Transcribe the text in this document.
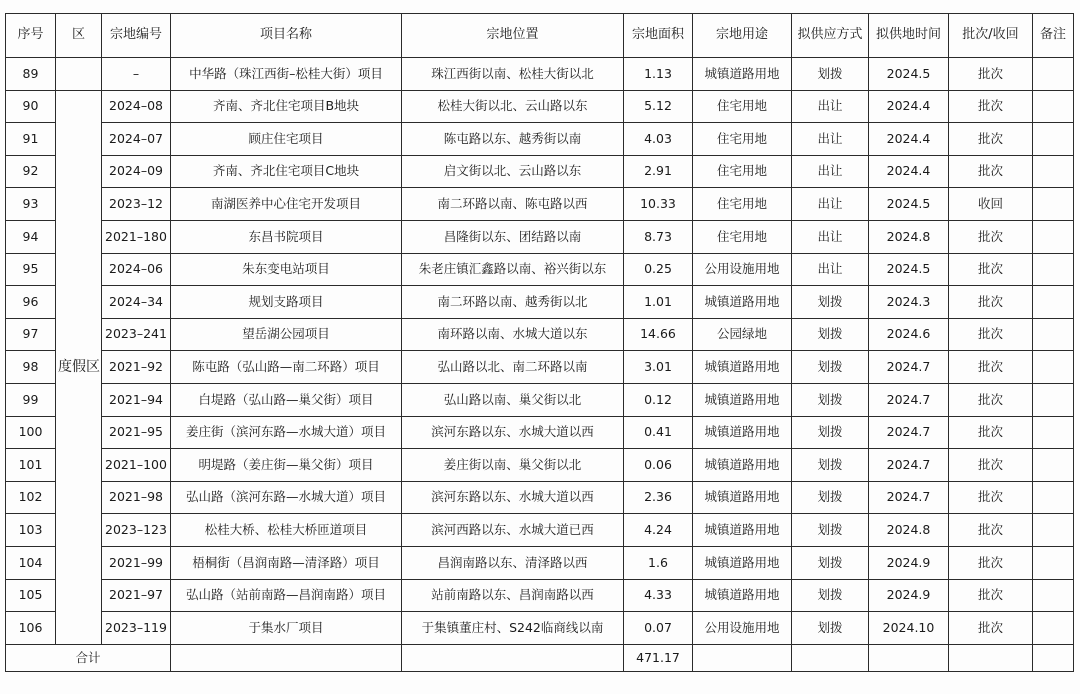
序号	区	宗地编号	项目名称	宗地位置	宗地面积	宗地用途	拟供应方式	拟供地时间	批次/收回	备注
89		–	中华路（珠江西街–松桂大街）项目	珠江西街以南、松桂大街以北	1.13	城镇道路用地	划拨	2024.5	批次	
90	度假区	2024–08	齐南、齐北住宅项目B地块	松桂大街以北、云山路以东	5.12	住宅用地	出让	2024.4	批次	
91		2024–07	顾庄住宅项目	陈屯路以东、越秀街以南	4.03	住宅用地	出让	2024.4	批次	
92		2024–09	齐南、齐北住宅项目C地块	启文街以北、云山路以东	2.91	住宅用地	出让	2024.4	批次	
93		2023–12	南湖医养中心住宅开发项目	南二环路以南、陈屯路以西	10.33	住宅用地	出让	2024.5	收回	
94		2021–180	东昌书院项目	昌隆街以东、团结路以南	8.73	住宅用地	出让	2024.8	批次	
95		2024–06	朱东变电站项目	朱老庄镇汇鑫路以南、裕兴街以东	0.25	公用设施用地	出让	2024.5	批次	
96		2024–34	规划支路项目	南二环路以南、越秀街以北	1.01	城镇道路用地	划拨	2024.3	批次	
97		2023–241	望岳湖公园项目	南环路以南、水城大道以东	14.66	公园绿地	划拨	2024.6	批次	
98		2021–92	陈屯路（弘山路—南二环路）项目	弘山路以北、南二环路以南	3.01	城镇道路用地	划拨	2024.7	批次	
99		2021–94	白堤路（弘山路—巢父街）项目	弘山路以南、巢父街以北	0.12	城镇道路用地	划拨	2024.7	批次	
100		2021–95	姜庄街（滨河东路—水城大道）项目	滨河东路以东、水城大道以西	0.41	城镇道路用地	划拨	2024.7	批次	
101		2021–100	明堤路（姜庄街—巢父街）项目	姜庄街以南、巢父街以北	0.06	城镇道路用地	划拨	2024.7	批次	
102		2021–98	弘山路（滨河东路—水城大道）项目	滨河东路以东、水城大道以西	2.36	城镇道路用地	划拨	2024.7	批次	
103		2023–123	松桂大桥、松桂大桥匝道项目	滨河西路以东、水城大道已西	4.24	城镇道路用地	划拨	2024.8	批次	
104		2021–99	梧桐街（昌润南路—清泽路）项目	昌润南路以东、清泽路以西	1.6	城镇道路用地	划拨	2024.9	批次	
105		2021–97	弘山路（站前南路—昌润南路）项目	站前南路以东、昌润南路以西	4.33	城镇道路用地	划拨	2024.9	批次	
106		2023–119	于集水厂项目	于集镇董庄村、S242临商线以南	0.07	公用设施用地	划拨	2024.10	批次	
合计					471.17					
